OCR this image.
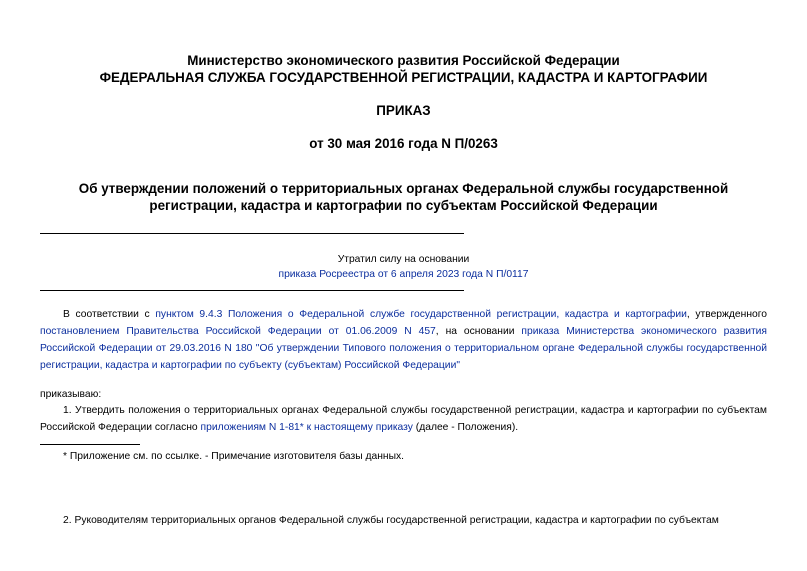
Министерство экономического развития Российской Федерации

ФЕДЕРАЛЬНАЯ СЛУЖБА ГОСУДАРСТВЕННОЙ РЕГИСТРАЦИИ, КАДАСТРА И КАРТОГРАФИИ

ПРИКАЗ

от 30 мая 2016 года N П/0263

Об утверждении положений о территориальных органах Федеральной службы государственной

регистрации, кадастра и картографии по субъектам Российской Федерации

Утратил силу на основании

приказа Росреестра от 6 апреля 2023 года N П/0117

В соответствии с пунктом 9.4.3 Положения о Федеральной службе государственной регистрации, кадастра и картографии, утвержденного постановлением Правительства Российской Федерации от 01.06.2009 N 457, на основании приказа Министерства экономического развития Российской Федерации от 29.03.2016 N 180 "Об утверждении Типового положения о территориальном органе Федеральной службы государственной регистрации, кадастра и картографии по субъекту (субъектам) Российской Федерации"

приказываю:

1. Утвердить положения о территориальных органах Федеральной службы государственной регистрации, кадастра и картографии по субъектам Российской Федерации согласно приложениям N 1-81* к настоящему приказу (далее - Положения).

* Приложение см. по ссылке. - Примечание изготовителя базы данных.

2. Руководителям территориальных органов Федеральной службы государственной регистрации, кадастра и картографии по субъектам
